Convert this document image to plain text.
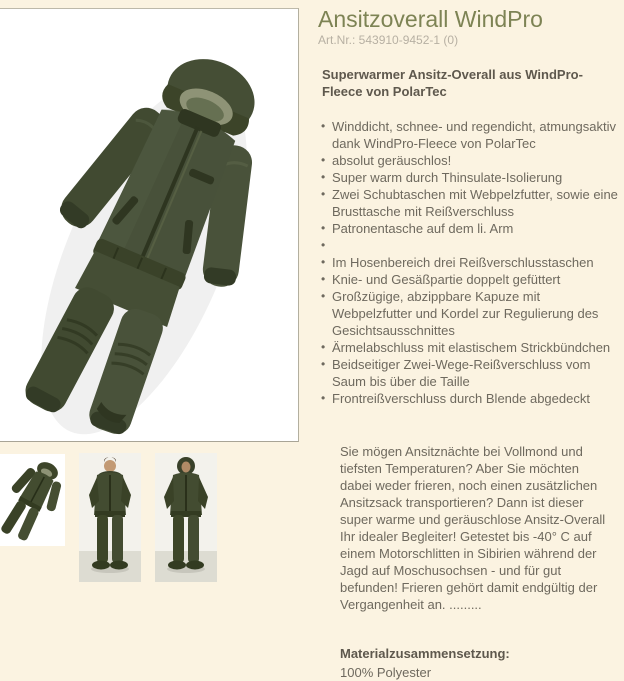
Ansitzoverall WindPro
Art.Nr.: 543910-9452-1 (0)
Superwarmer Ansitz-Overall aus WindPro-Fleece von PolarTec
• Winddicht, schnee- und regendicht, atmungsaktiv dank WindPro-Fleece von PolarTec
• absolut geräuschlos!
• Super warm durch Thinsulate-Isolierung
• Zwei Schubtaschen mit Webpelzfutter, sowie eine Brusttasche mit Reißverschluss
• Patronentasche auf dem li. Arm
•
• Im Hosenbereich drei Reißverschlusstaschen
• Knie- und Gesäßpartie doppelt gefüttert
• Großzügige, abzippbare Kapuze mit Webpelzfutter und Kordel zur Regulierung des Gesichtsausschnittes
• Ärmelabschluss mit elastischem Strickbündchen
• Beidseitiger Zwei-Wege-Reißverschluss vom Saum bis über die Taille
• Frontreißverschluss durch Blende abgedeckt
Sie mögen Ansitznächte bei Vollmond und tiefsten Temperaturen? Aber Sie möchten dabei weder frieren, noch einen zusätzlichen Ansitzsack transportieren? Dann ist dieser super warme und geräuschlose Ansitz-Overall Ihr idealer Begleiter! Getestet bis -40° C auf einem Motorschlitten in Sibirien während der Jagd auf Moschusochsen - und für gut befunden! Frieren gehört damit endgültig der Vergangenheit an. .........
Materialzusammensetzung:
100% Polyester
